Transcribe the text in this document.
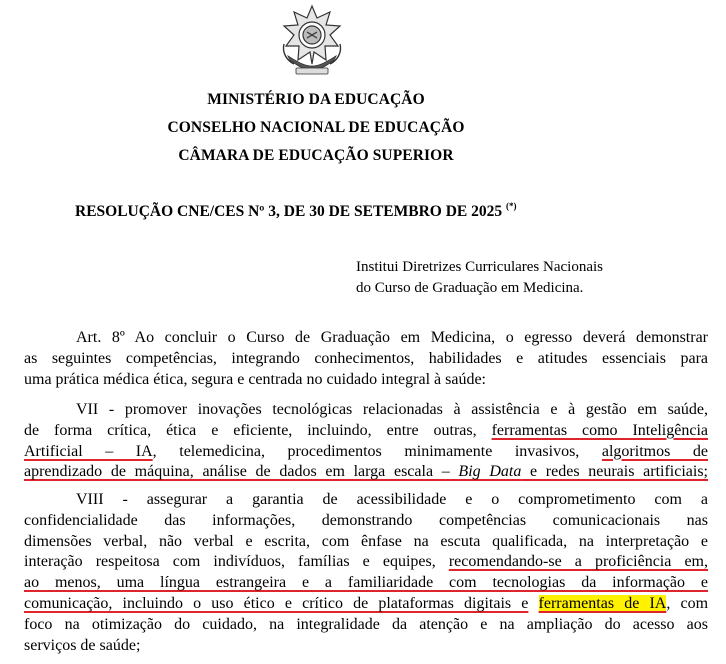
MINISTÉRIO DA EDUCAÇÃO
CONSELHO NACIONAL DE EDUCAÇÃO
CÂMARA DE EDUCAÇÃO SUPERIOR
RESOLUÇÃO CNE/CES Nº 3, DE 30 DE SETEMBRO DE 2025 (*)
Institui Diretrizes Curriculares Nacionais
do Curso de Graduação em Medicina.
Art. 8º Ao concluir o Curso de Graduação em Medicina, o egresso deverá demonstrar
as seguintes competências, integrando conhecimentos, habilidades e atitudes essenciais para
uma prática médica ética, segura e centrada no cuidado integral à saúde:
VII - promover inovações tecnológicas relacionadas à assistência e à gestão em saúde,
de forma crítica, ética e eficiente, incluindo, entre outras, ferramentas como Inteligência
Artificial – IA, telemedicina, procedimentos minimamente invasivos, algoritmos de
aprendizado de máquina, análise de dados em larga escala – Big Data e redes neurais artificiais;
VIII - assegurar a garantia de acessibilidade e o comprometimento com a
confidencialidade das informações, demonstrando competências comunicacionais nas
dimensões verbal, não verbal e escrita, com ênfase na escuta qualificada, na interpretação e
interação respeitosa com indivíduos, famílias e equipes, recomendando-se a proficiência em,
ao menos, uma língua estrangeira e a familiaridade com tecnologias da informação e
comunicação, incluindo o uso ético e crítico de plataformas digitais e ferramentas de IA, com
foco na otimização do cuidado, na integralidade da atenção e na ampliação do acesso aos
serviços de saúde;
